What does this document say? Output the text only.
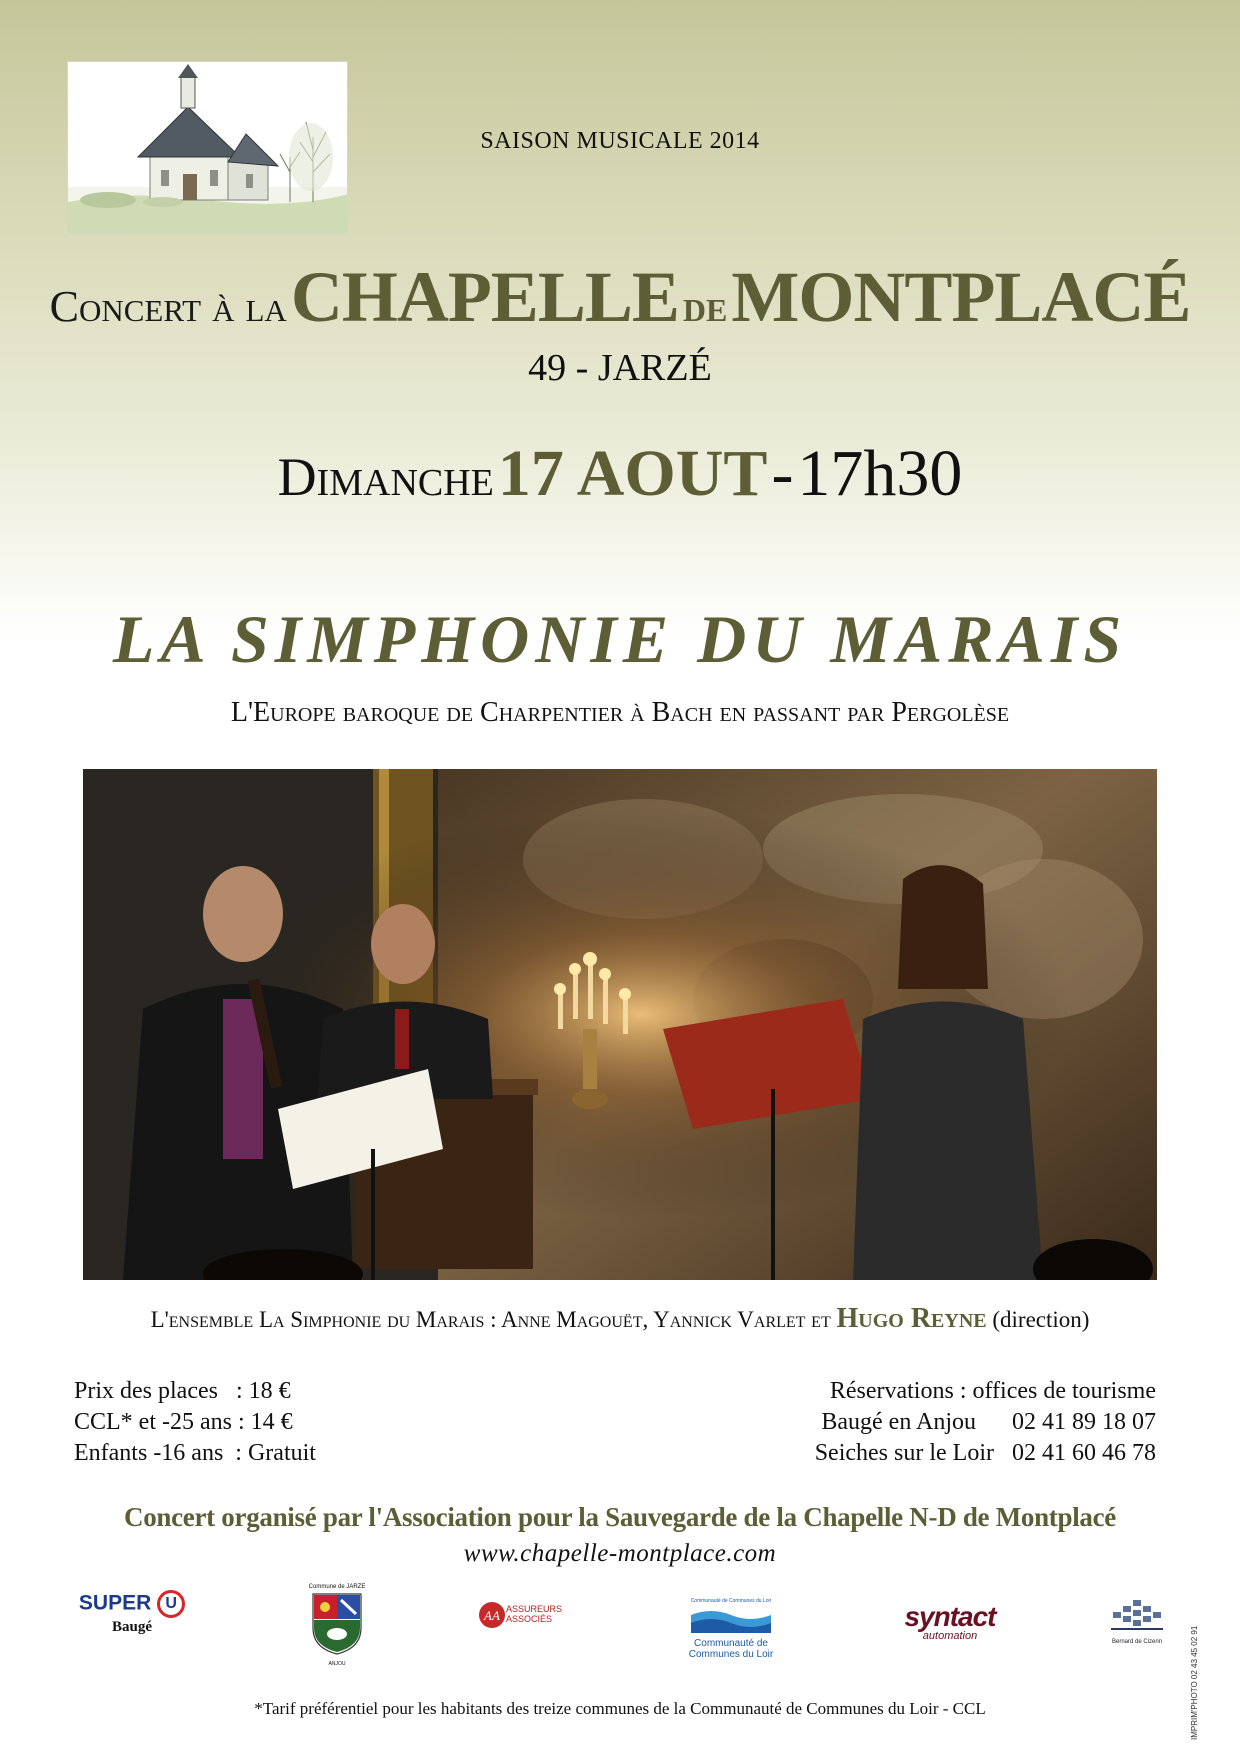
SAISON MUSICALE 2014
Concert à la CHAPELLE de MONTPLACÉ
49 - JARZÉ
Dimanche 17 AOUT - 17h30
LA SIMPHONIE DU MARAIS
L'Europe baroque de Charpentier à Bach en passant par Pergolèse
L'ensemble La Simphonie du Marais : Anne Magouët, Yannick Varlet et Hugo Reyne (direction)
Prix des places   : 18 €
CCL* et -25 ans : 14 €
Enfants -16 ans  : Gratuit
Réservations : offices de tourisme
Baugé en Anjou      02 41 89 18 07
Seiches sur le Loir   02 41 60 46 78
Concert organisé par l'Association pour la Sauvegarde de la Chapelle N-D de Montplacé
www.chapelle-montplace.com
IMPRIM'PHOTO 02 43 45 02 91
SUPER U
Baugé
Commune de JARZE
ANJOU
AA ASSUREURS ASSOCIÉS
Communauté de Communes du Loir
Communauté de Communes du Loir
syntact
automation	Bernard de Cizerin
*Tarif préférentiel pour les habitants des treize communes de la Communauté de Communes du Loir - CCL
